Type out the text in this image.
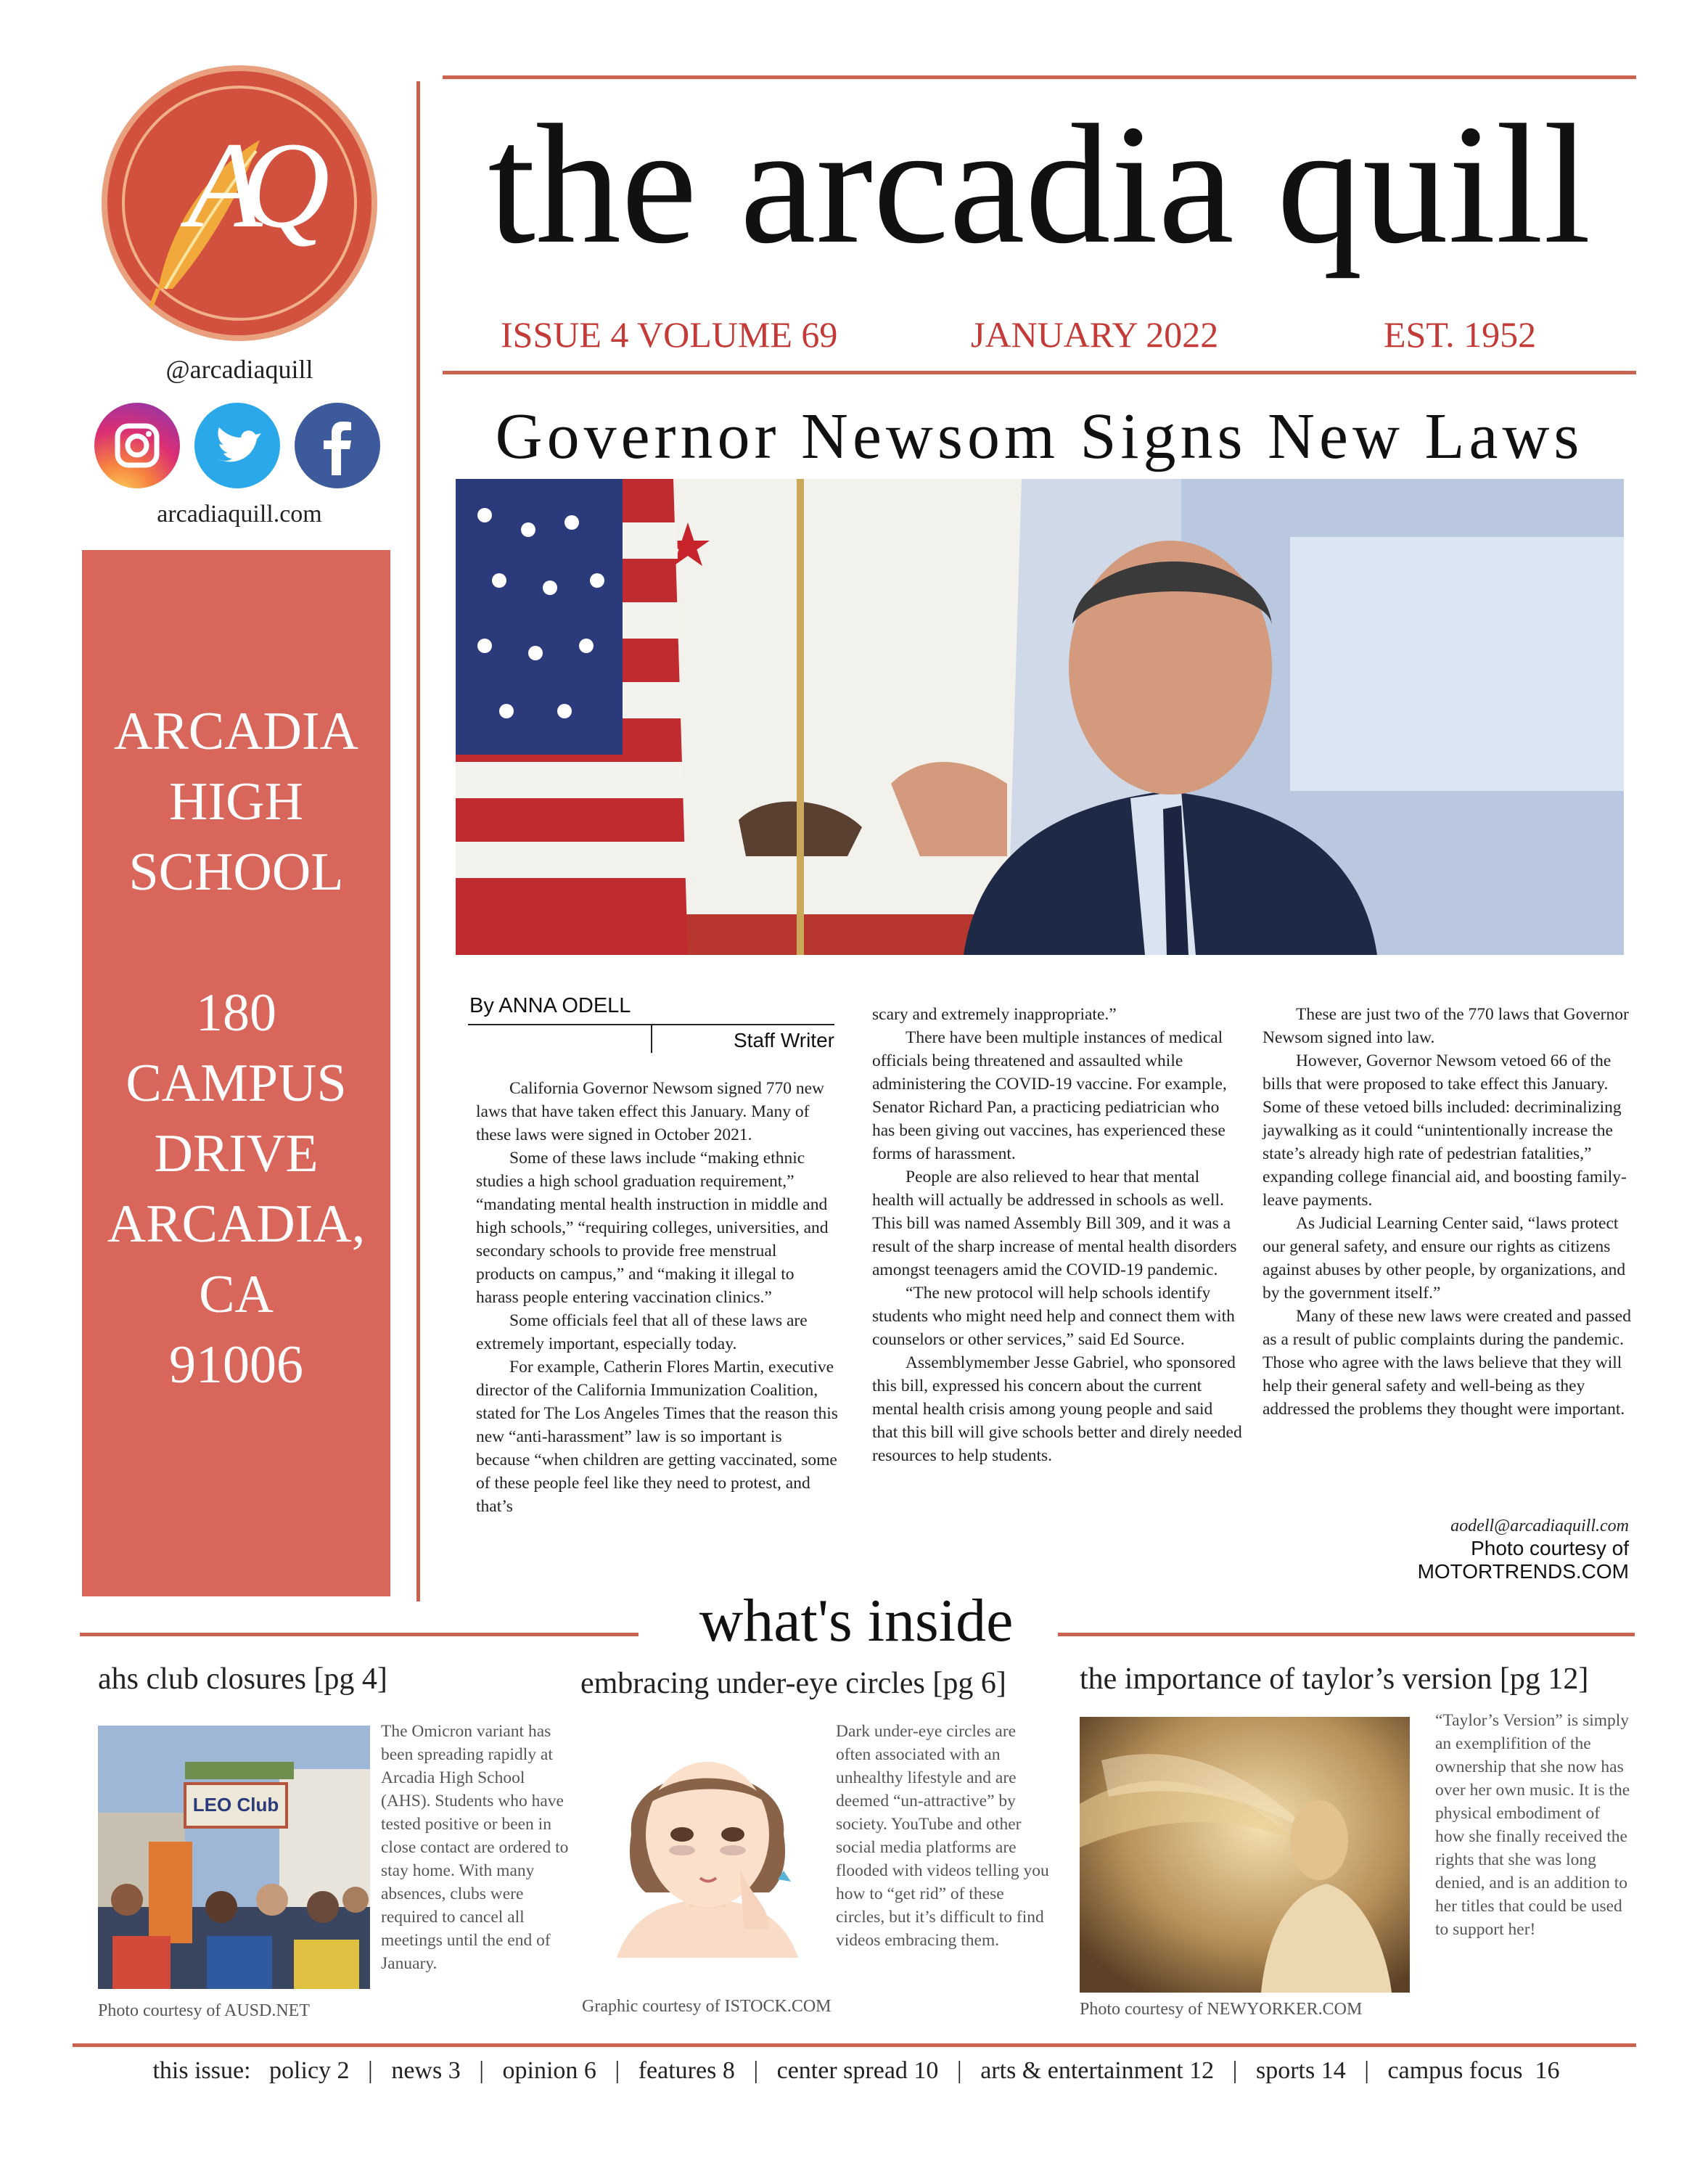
AQ
@arcadiaquill
arcadiaquill.com
ARCADIA
HIGH
SCHOOL
180
CAMPUS
DRIVE
ARCADIA,
CA
91006
the arcadia quill
ISSUE 4 VOLUME 69	JANUARY 2022	EST. 1952
Governor Newsom Signs New Laws
By ANNA ODELL
Staff Writer

California Governor Newsom signed 770 new laws that have taken effect this January. Many of these laws were signed in October 2021.

Some of these laws include “making ethnic studies a high school graduation requirement,” “mandating mental health instruction in middle and high schools,” “requiring colleges, universities, and secondary schools to provide free menstrual products on campus,” and “making it illegal to harass people entering vaccination clinics.”

Some officials feel that all of these laws are extremely important, especially today.

For example, Catherin Flores Martin, executive director of the California Immunization Coalition, stated for The Los Angeles Times that the reason this new “anti-harassment” law is so important is because “when children are getting vaccinated, some of these people feel like they need to protest, and that’s

scary and extremely inappropriate.”

There have been multiple instances of medical officials being threatened and assaulted while administering the COVID-19 vaccine. For example, Senator Richard Pan, a practicing pediatrician who has been giving out vaccines, has experienced these forms of harassment.

People are also relieved to hear that mental health will actually be addressed in schools as well. This bill was named Assembly Bill 309, and it was a result of the sharp increase of mental health disorders amongst teenagers amid the COVID-19 pandemic.

“The new protocol will help schools identify students who might need help and connect them with counselors or other services,” said Ed Source.

Assemblymember Jesse Gabriel, who sponsored this bill, expressed his concern about the current mental health crisis among young people and said that this bill will give schools better and direly needed resources to help students.

These are just two of the 770 laws that Governor Newsom signed into law.

However, Governor Newsom vetoed 66 of the bills that were proposed to take effect this January. Some of these vetoed bills included: decriminalizing jaywalking as it could “unintentionally increase the state’s already high rate of pedestrian fatalities,” expanding college financial aid, and boosting family-leave payments.

As Judicial Learning Center said, “laws protect our general safety, and ensure our rights as citizens against abuses by other people, by organizations, and by the government itself.”

Many of these new laws were created and passed as a result of public complaints during the pandemic. Those who agree with the laws believe that they will help their general safety and well-being as they addressed the problems they thought were important.

aodell@arcadiaquill.com
Photo courtesy of MOTORTRENDS.COM
what's inside
ahs club closures [pg 4]
LEO Club
The Omicron variant has been spreading rapidly at Arcadia High School (AHS). Students who have tested positive or been in close contact are ordered to stay home. With many absences, clubs were required to cancel all meetings until the end of January.
Photo courtesy of AUSD.NET
embracing under-eye circles [pg 6]
Dark under-eye circles are often associated with an unhealthy lifestyle and are deemed “un-attractive” by society. YouTube and other social media platforms are flooded with videos telling you how to “get rid” of these circles, but it’s difficult to find videos embracing them.
Graphic courtesy of ISTOCK.COM
the importance of taylor’s version [pg 12]
“Taylor’s Version” is simply an exemplifition of the ownership that she now has over her own music. It is the physical embodiment of how she finally received the rights that she was long denied, and is an addition to her titles that could be used to support her!
Photo courtesy of NEWYORKER.COM
this issue:   policy 2   |   news 3   |   opinion 6   |   features 8   |   center spread 10   |   arts & entertainment 12   |   sports 14   |   campus focus  16
